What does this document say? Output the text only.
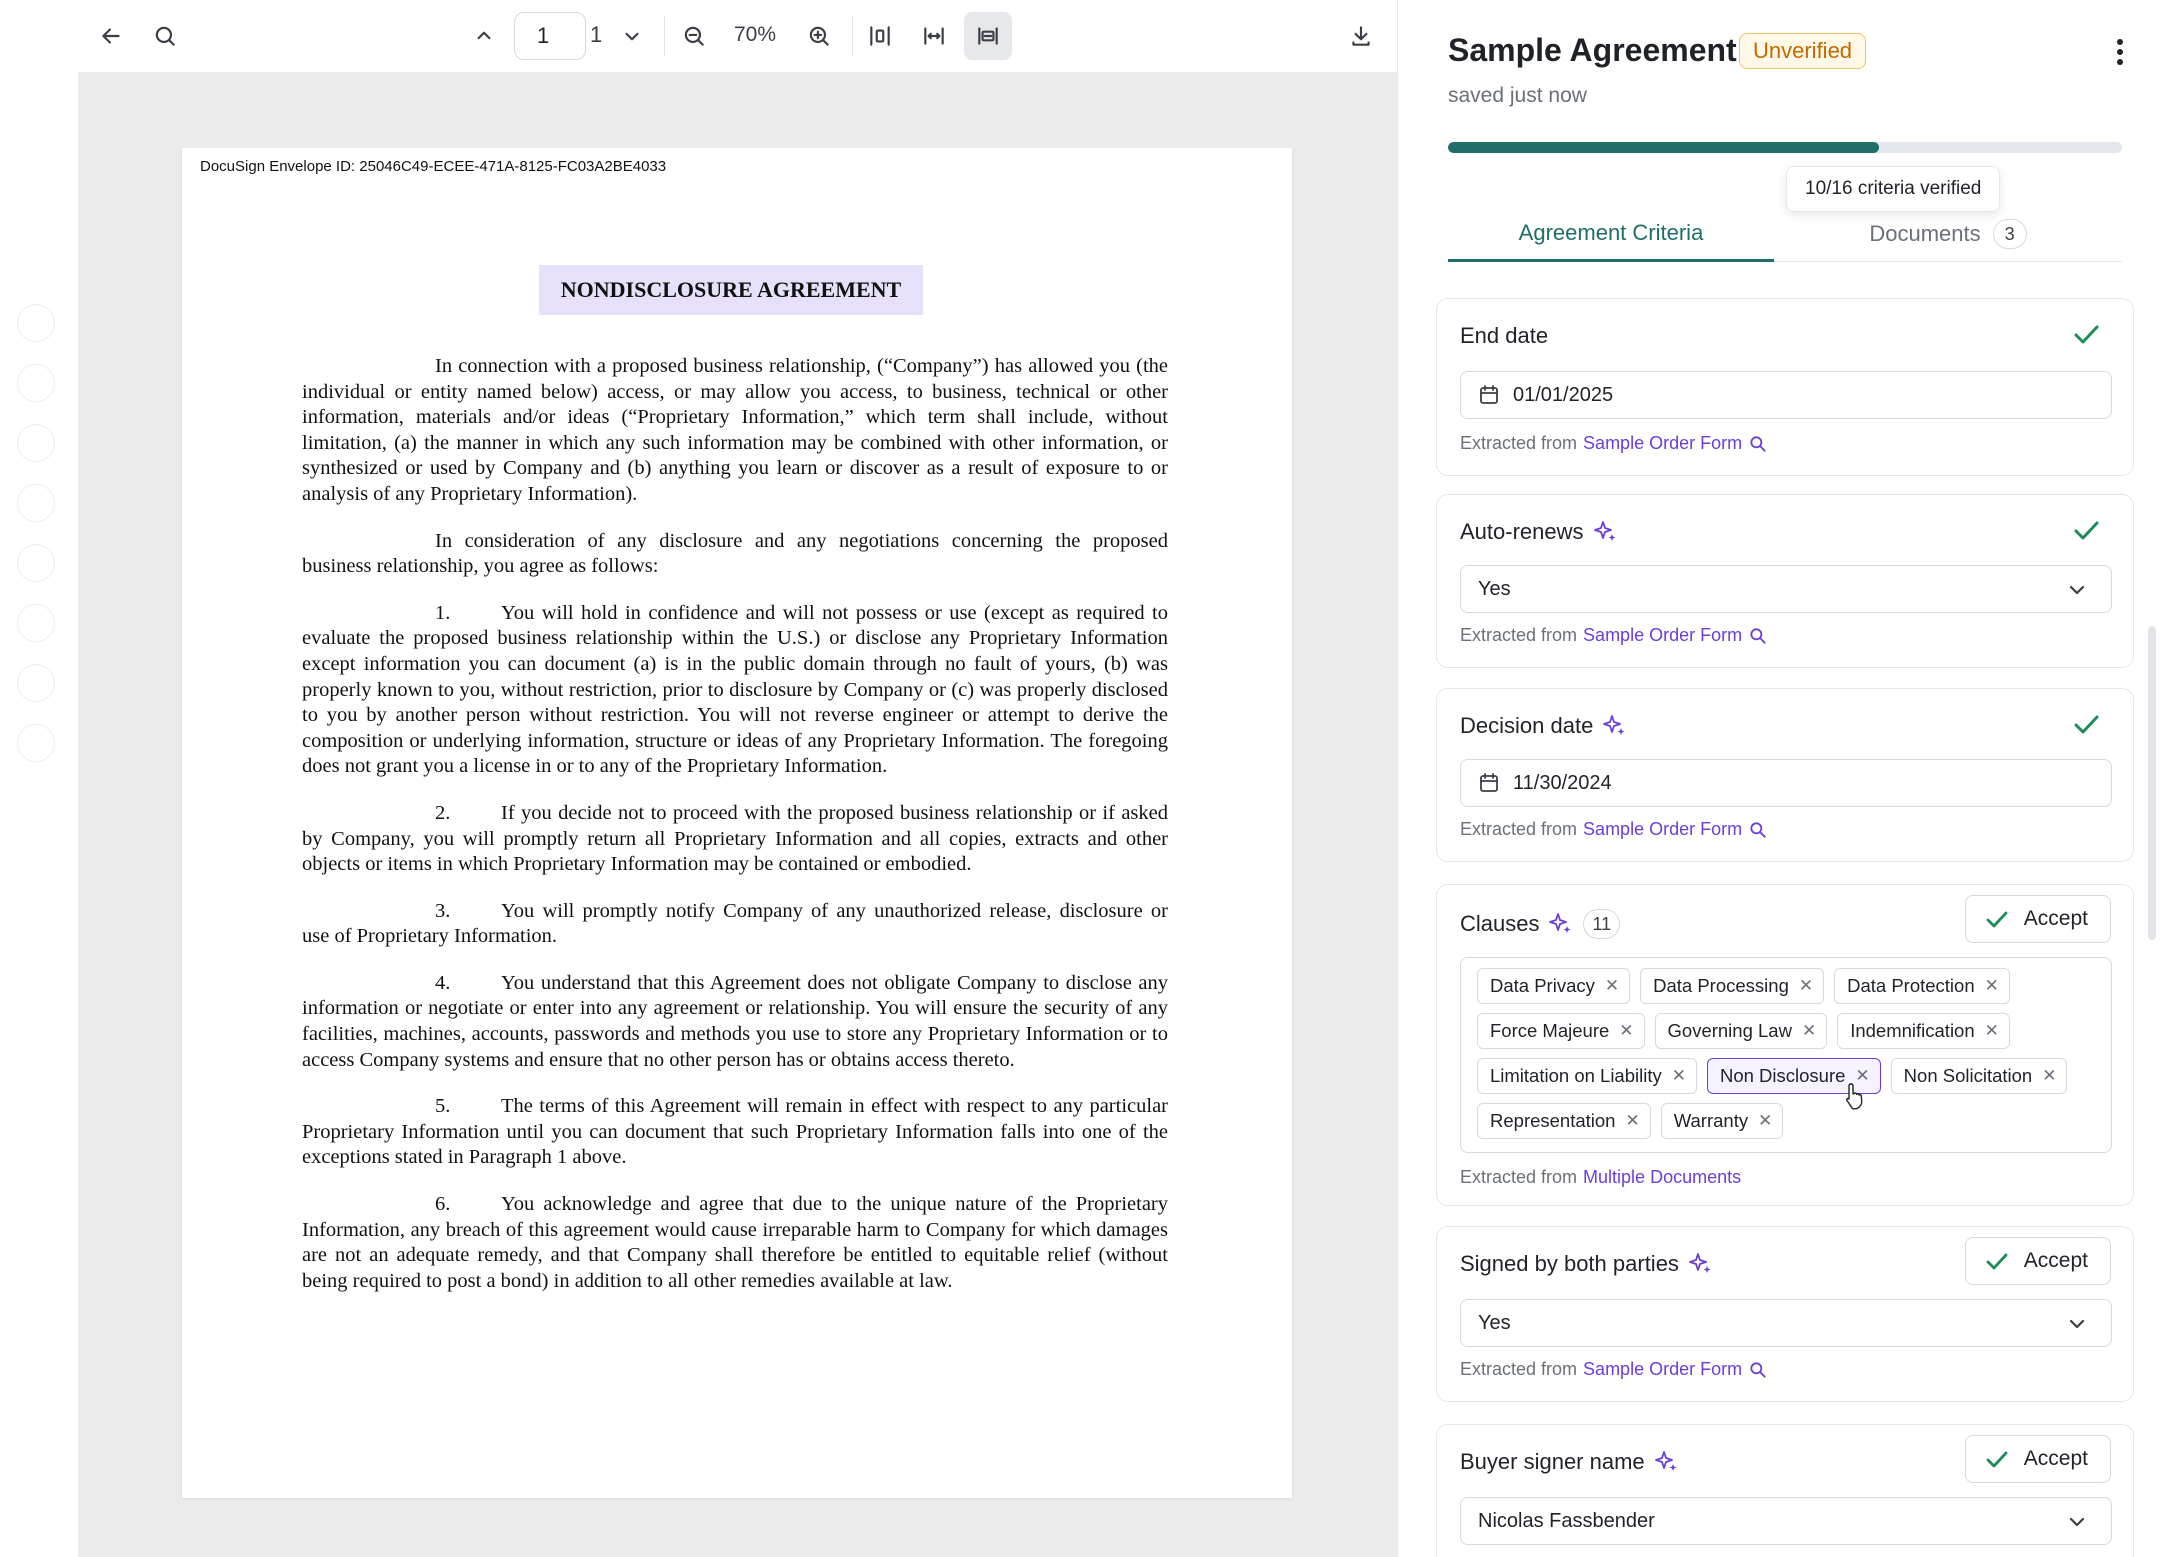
1
1	70%
DocuSign Envelope ID: 25046C49-ECEE-471A-8125-FC03A2BE4033
NONDISCLOSURE AGREEMENT

In connection with a proposed business relationship, (“Company”) has allowed you (the individual or entity named below) access, or may allow you access, to business, technical or other information, materials and/or ideas (“Proprietary Information,” which term shall include, without limitation, (a) the manner in which any such information may be combined with other information, or synthesized or used by Company and (b) anything you learn or discover as a result of exposure to or analysis of any Proprietary Information).

In consideration of any disclosure and any negotiations concerning the proposed business relationship, you agree as follows:

1. You will hold in confidence and will not possess or use (except as required to evaluate the proposed business relationship within the U.S.) or disclose any Proprietary Information except information you can document (a) is in the public domain through no fault of yours, (b) was properly known to you, without restriction, prior to disclosure by Company or (c) was properly disclosed to you by another person without restriction. You will not reverse engineer or attempt to derive the composition or underlying information, structure or ideas of any Proprietary Information. The foregoing does not grant you a license in or to any of the Proprietary Information.

2. If you decide not to proceed with the proposed business relationship or if asked by Company, you will promptly return all Proprietary Information and all copies, extracts and other objects or items in which Proprietary Information may be contained or embodied.

3. You will promptly notify Company of any unauthorized release, disclosure or use of Proprietary Information.

4. You understand that this Agreement does not obligate Company to disclose any information or negotiate or enter into any agreement or relationship. You will ensure the security of any facilities, machines, accounts, passwords and methods you use to store any Proprietary Information or to access Company systems and ensure that no other person has or obtains access thereto.

5. The terms of this Agreement will remain in effect with respect to any particular Proprietary Information until you can document that such Proprietary Information falls into one of the exceptions stated in Paragraph 1 above.

6. You acknowledge and agree that due to the unique nature of the Proprietary Information, any breach of this agreement would cause irreparable harm to Company for which damages are not an adequate remedy, and that Company shall therefore be entitled to equitable relief (without being required to post a bond) in addition to all other remedies available at law.

Sample Agreement Unverified
saved just now
10/16 criteria verified
Agreement Criteria	Documents	3
End date
01/01/2025
Extracted from Sample Order Form
Auto-renews
Yes
Extracted from Sample Order Form
Decision date
11/30/2024
Extracted from Sample Order Form
Clauses	11	Accept
Data Privacy ✕ Data Processing ✕ Data Protection ✕
Force Majeure ✕ Governing Law ✕ Indemnification ✕
Limitation on Liability ✕ Non Disclosure ✕ Non Solicitation ✕
Representation ✕ Warranty ✕
Extracted from Multiple Documents
Signed by both parties	Accept
Yes
Extracted from Sample Order Form
Buyer signer name	Accept
Nicolas Fassbender
